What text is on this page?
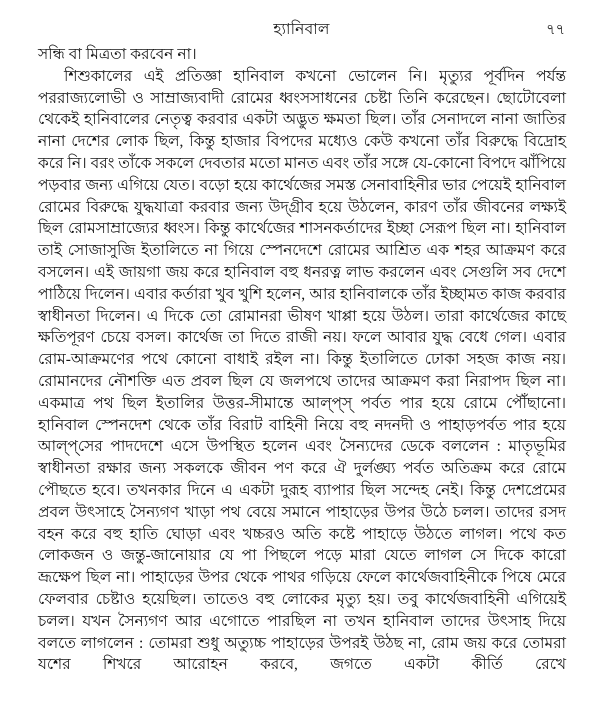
হ্যানিবাল	৭৭

সন্ধি বা মিত্রতা করবেন না।

শিশুকালের এই প্রতিজ্ঞা হানিবাল কখনো ভোলেন নি। মৃত্যুর পূর্বদিন পর্যন্ত পররাজ্যলোভী ও সাম্রাজ্যবাদী রোমের ধ্বংসসাধনের চেষ্টা তিনি করেছেন। ছোটোবেলা থেকেই হানিবালের নেতৃত্ব করবার একটা অদ্ভুত ক্ষমতা ছিল। তাঁর সেনাদলে নানা জাতির নানা দেশের লোক ছিল, কিন্তু হাজার বিপদের মধ্যেও কেউ কখনো তাঁর বিরুদ্ধে বিদ্রোহ করে নি। বরং তাঁকে সকলে দেবতার মতো মানত এবং তাঁর সঙ্গে যে-কোনো বিপদে ঝাঁপিয়ে পড়বার জন্য এগিয়ে যেত। বড়ো হয়ে কার্থেজের সমস্ত সেনাবাহিনীর ভার পেয়েই হানিবাল রোমের বিরুদ্ধে যুদ্ধযাত্রা করবার জন্য উদ্‌গ্রীব হয়ে উঠলেন, কারণ তাঁর জীবনের লক্ষ্যই ছিল রোমসাম্রাজ্যের ধ্বংস। কিন্তু কার্থেজের শাসনকর্তাদের ইচ্ছা সেরূপ ছিল না। হানিবাল তাই সোজাসুজি ইতালিতে না গিয়ে স্পেনদেশে রোমের আশ্রিত এক শহর আক্রমণ করে বসলেন। এই জায়গা জয় করে হানিবাল বহু ধনরত্ন লাভ করলেন এবং সেগুলি সব দেশে পাঠিয়ে দিলেন। এবার কর্তারা খুব খুশি হলেন, আর হানিবালকে তাঁর ইচ্ছামত কাজ করবার স্বাধীনতা দিলেন। এ দিকে তো রোমানরা ভীষণ খাপ্পা হয়ে উঠল। তারা কার্থেজের কাছে ক্ষতিপূরণ চেয়ে বসল। কার্থেজ তা দিতে রাজী নয়। ফলে আবার যুদ্ধ বেধে গেল। এবার রোম-আক্রমণের পথে কোনো বাধাই রইল না। কিন্তু ইতালিতে ঢোকা সহজ কাজ নয়। রোমানদের নৌশক্তি এত প্রবল ছিল যে জলপথে তাদের আক্রমণ করা নিরাপদ ছিল না। একমাত্র পথ ছিল ইতালির উত্তর-সীমান্তে আল্প্‌স্ পর্বত পার হয়ে রোমে পৌঁছানো। হানিবাল স্পেনদেশ থেকে তাঁর বিরাট বাহিনী নিয়ে বহু নদনদী ও পাহাড়পর্বত পার হয়ে আল্প্‌সের পাদদেশে এসে উপস্থিত হলেন এবং সৈন্যদের ডেকে বললেন : মাতৃভূমির স্বাধীনতা রক্ষার জন্য সকলকে জীবন পণ করে ঐ দুর্লঙ্ঘ্য পর্বত অতিক্রম করে রোমে পৌছতে হবে। তখনকার দিনে এ একটা দুরূহ ব্যাপার ছিল সন্দেহ নেই। কিন্তু দেশপ্রেমের প্রবল উৎসাহে সৈন্যগণ খাড়া পথ বেয়ে সমানে পাহাড়ের উপর উঠে চলল। তাদের রসদ বহন করে বহু হাতি ঘোড়া এবং খচ্চরও অতি কষ্টে পাহাড়ে উঠতে লাগল। পথে কত লোকজন ও জন্তু-জানোয়ার যে পা পিছলে পড়ে মারা যেতে লাগল সে দিকে কারো ভ্রূক্ষেপ ছিল না। পাহাড়ের উপর থেকে পাথর গড়িয়ে ফেলে কার্থেজবাহিনীকে পিষে মেরে ফেলবার চেষ্টাও হয়েছিল। তাতেও বহু লোকের মৃত্যু হয়। তবু কার্থেজবাহিনী এগিয়েই চলল। যখন সৈন্যগণ আর এগোতে পারছিল না তখন হানিবাল তাদের উৎসাহ দিয়ে বলতে লাগলেন : তোমরা শুধু অত্যুচ্চ পাহাড়ের উপরই উঠছ না, রোম জয় করে তোমরা যশের শিখরে আরোহন করবে, জগতে একটা কীর্তি রেখে
